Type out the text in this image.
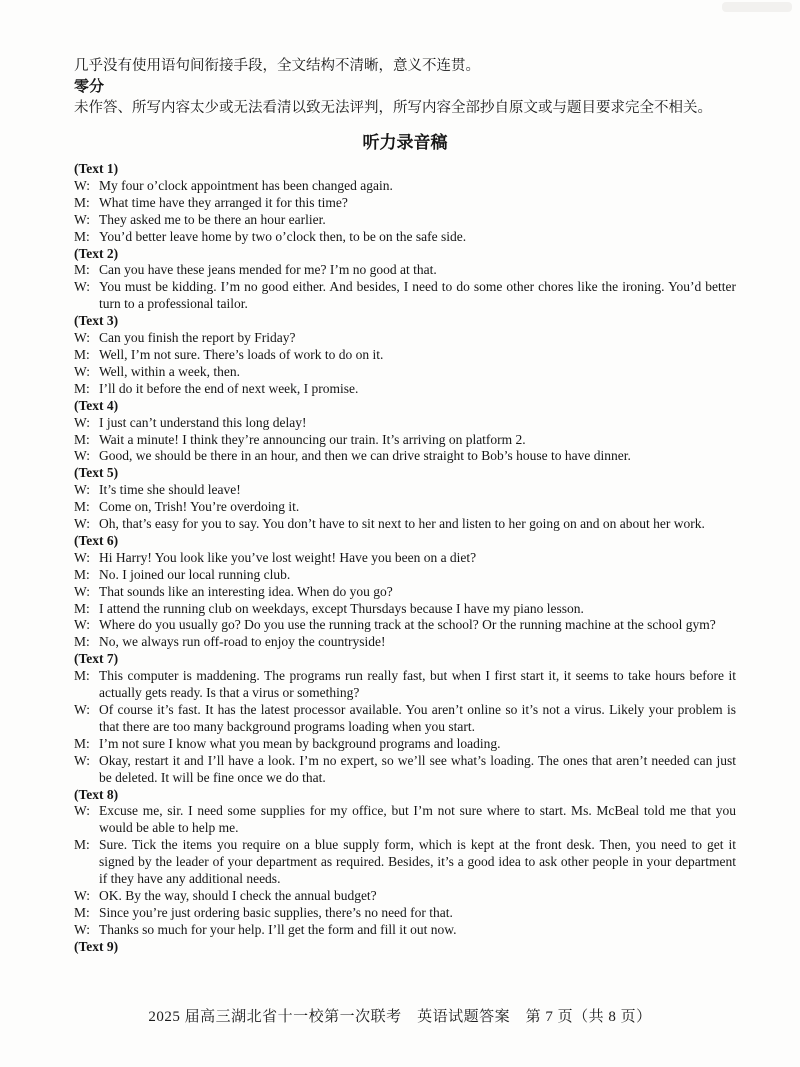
几乎没有使用语句间衔接手段，全文结构不清晰，意义不连贯。

零分

未作答、所写内容太少或无法看清以致无法评判，所写内容全部抄自原文或与题目要求完全不相关。

听力录音稿

(Text 1)

W: My four o’clock appointment has been changed again.

M: What time have they arranged it for this time?

W: They asked me to be there an hour earlier.

M: You’d better leave home by two o’clock then, to be on the safe side.

(Text 2)

M: Can you have these jeans mended for me? I’m no good at that.

W: You must be kidding. I’m no good either. And besides, I need to do some other chores like the ironing. You’d better turn to a professional tailor.

(Text 3)

W: Can you finish the report by Friday?

M: Well, I’m not sure. There’s loads of work to do on it.

W: Well, within a week, then.

M: I’ll do it before the end of next week, I promise.

(Text 4)

W: I just can’t understand this long delay!

M: Wait a minute! I think they’re announcing our train. It’s arriving on platform 2.

W: Good, we should be there in an hour, and then we can drive straight to Bob’s house to have dinner.

(Text 5)

W: It’s time she should leave!

M: Come on, Trish! You’re overdoing it.

W: Oh, that’s easy for you to say. You don’t have to sit next to her and listen to her going on and on about her work.

(Text 6)

W: Hi Harry! You look like you’ve lost weight! Have you been on a diet?

M: No. I joined our local running club.

W: That sounds like an interesting idea. When do you go?

M: I attend the running club on weekdays, except Thursdays because I have my piano lesson.

W: Where do you usually go? Do you use the running track at the school? Or the running machine at the school gym?

M: No, we always run off-road to enjoy the countryside!

(Text 7)

M: This computer is maddening. The programs run really fast, but when I first start it, it seems to take hours before it actually gets ready. Is that a virus or something?

W: Of course it’s fast. It has the latest processor available. You aren’t online so it’s not a virus. Likely your problem is that there are too many background programs loading when you start.

M: I’m not sure I know what you mean by background programs and loading.

W: Okay, restart it and I’ll have a look. I’m no expert, so we’ll see what’s loading. The ones that aren’t needed can just be deleted. It will be fine once we do that.

(Text 8)

W: Excuse me, sir. I need some supplies for my office, but I’m not sure where to start. Ms. McBeal told me that you would be able to help me.

M: Sure. Tick the items you require on a blue supply form, which is kept at the front desk. Then, you need to get it signed by the leader of your department as required. Besides, it’s a good idea to ask other people in your department if they have any additional needs.

W: OK. By the way, should I check the annual budget?

M: Since you’re just ordering basic supplies, there’s no need for that.

W: Thanks so much for your help. I’ll get the form and fill it out now.

(Text 9)

2025 届高三湖北省十一校第一次联考　英语试题答案　第 7 页（共 8 页）
